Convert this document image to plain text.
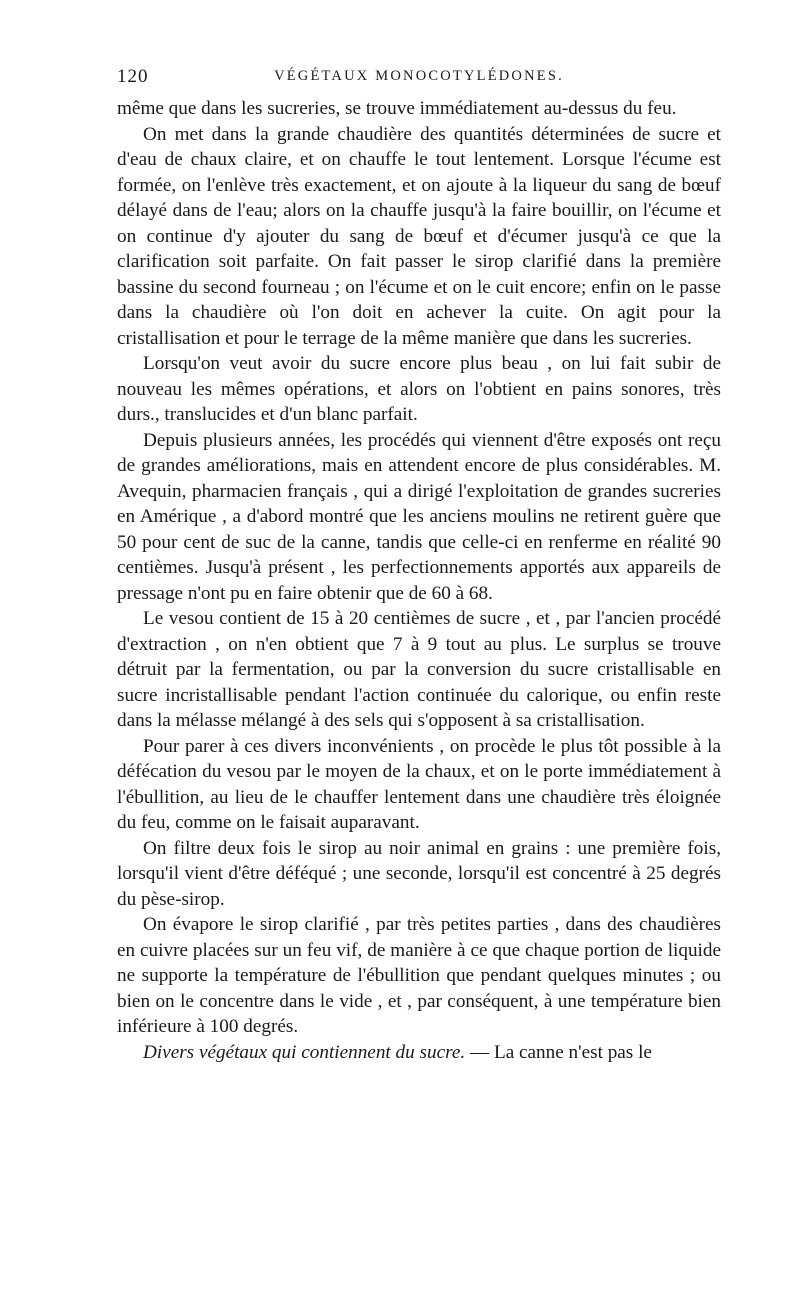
120	VÉGÉTAUX MONOCOTYLÉDONES.

même que dans les sucreries, se trouve immédiatement au-dessus du feu.

On met dans la grande chaudière des quantités déterminées de sucre et d'eau de chaux claire, et on chauffe le tout lentement. Lorsque l'écume est formée, on l'enlève très exactement, et on ajoute à la liqueur du sang de bœuf délayé dans de l'eau; alors on la chauffe jusqu'à la faire bouillir, on l'écume et on continue d'y ajouter du sang de bœuf et d'écumer jusqu'à ce que la clarification soit parfaite. On fait passer le sirop clarifié dans la première bassine du second fourneau ; on l'écume et on le cuit encore; enfin on le passe dans la chaudière où l'on doit en achever la cuite. On agit pour la cristallisation et pour le terrage de la même manière que dans les sucreries.

Lorsqu'on veut avoir du sucre encore plus beau , on lui fait subir de nouveau les mêmes opérations, et alors on l'obtient en pains sonores, très durs., translucides et d'un blanc parfait.

Depuis plusieurs années, les procédés qui viennent d'être exposés ont reçu de grandes améliorations, mais en attendent encore de plus considérables. M. Avequin, pharmacien français , qui a dirigé l'exploitation de grandes sucreries en Amérique , a d'abord montré que les anciens moulins ne retirent guère que 50 pour cent de suc de la canne, tandis que celle-ci en renferme en réalité 90 centièmes. Jusqu'à présent , les perfectionnements apportés aux appareils de pressage n'ont pu en faire obtenir que de 60 à 68.

Le vesou contient de 15 à 20 centièmes de sucre , et , par l'ancien procédé d'extraction , on n'en obtient que 7 à 9 tout au plus. Le surplus se trouve détruit par la fermentation, ou par la conversion du sucre cristallisable en sucre incristallisable pendant l'action continuée du calorique, ou enfin reste dans la mélasse mélangé à des sels qui s'opposent à sa cristallisation.

Pour parer à ces divers inconvénients , on procède le plus tôt possible à la défécation du vesou par le moyen de la chaux, et on le porte immédiatement à l'ébullition, au lieu de le chauffer lentement dans une chaudière très éloignée du feu, comme on le faisait auparavant.

On filtre deux fois le sirop au noir animal en grains : une première fois, lorsqu'il vient d'être déféqué ; une seconde, lorsqu'il est concentré à 25 degrés du pèse-sirop.

On évapore le sirop clarifié , par très petites parties , dans des chaudières en cuivre placées sur un feu vif, de manière à ce que chaque portion de liquide ne supporte la température de l'ébullition que pendant quelques minutes ; ou bien on le concentre dans le vide , et , par conséquent, à une température bien inférieure à 100 degrés.

Divers végétaux qui contiennent du sucre. — La canne n'est pas le
